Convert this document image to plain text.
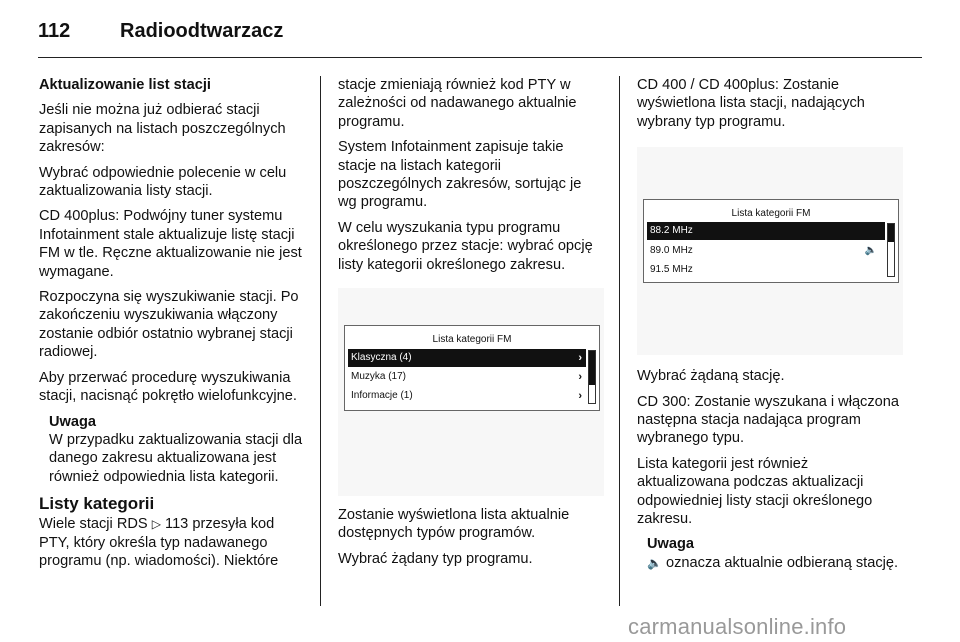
112 Radioodtwarzacz

Aktualizowanie list stacji

Jeśli nie można już odbierać stacji zapisanych na listach poszczególnych zakresów:

Wybrać odpowiednie polecenie w celu zaktualizowania listy stacji.

CD 400plus: Podwójny tuner systemu Infotainment stale aktualizuje listę stacji FM w tle. Ręczne aktualizowanie nie jest wymagane.

Rozpoczyna się wyszukiwanie stacji. Po zakończeniu wyszukiwania włączony zostanie odbiór ostatnio wybranej stacji radiowej.

Aby przerwać procedurę wyszukiwania stacji, nacisnąć pokrętło wielofunkcyjne.

Uwaga

W przypadku zaktualizowania stacji dla danego zakresu aktualizowana jest również odpowiednia lista kategorii.

Listy kategorii

Wiele stacji RDS ▷ 113 przesyła kod PTY, który określa typ nadawanego programu (np. wiadomości). Niektóre

stacje zmieniają również kod PTY w zależności od nadawanego aktualnie programu.

System Infotainment zapisuje takie stacje na listach kategorii poszczególnych zakresów, sortując je wg programu.

W celu wyszukania typu programu określonego przez stacje: wybrać opcję listy kategorii określonego zakresu.

Lista kategorii FM
Klasyczna (4)	›
Muzyka (17)	›
Informacje (1)	›

Zostanie wyświetlona lista aktualnie dostępnych typów programów.

Wybrać żądany typ programu.

CD 400 / CD 400plus: Zostanie wyświetlona lista stacji, nadających wybrany typ programu.

Lista kategorii FM
88.2 MHz
89.0 MHz	🔈
91.5 MHz

Wybrać żądaną stację.

CD 300: Zostanie wyszukana i włączona następna stacja nadająca program wybranego typu.

Lista kategorii jest również aktualizowana podczas aktualizacji odpowiedniej listy stacji określonego zakresu.

Uwaga

🔈 oznacza aktualnie odbieraną stację.

carmanualsonline.info
